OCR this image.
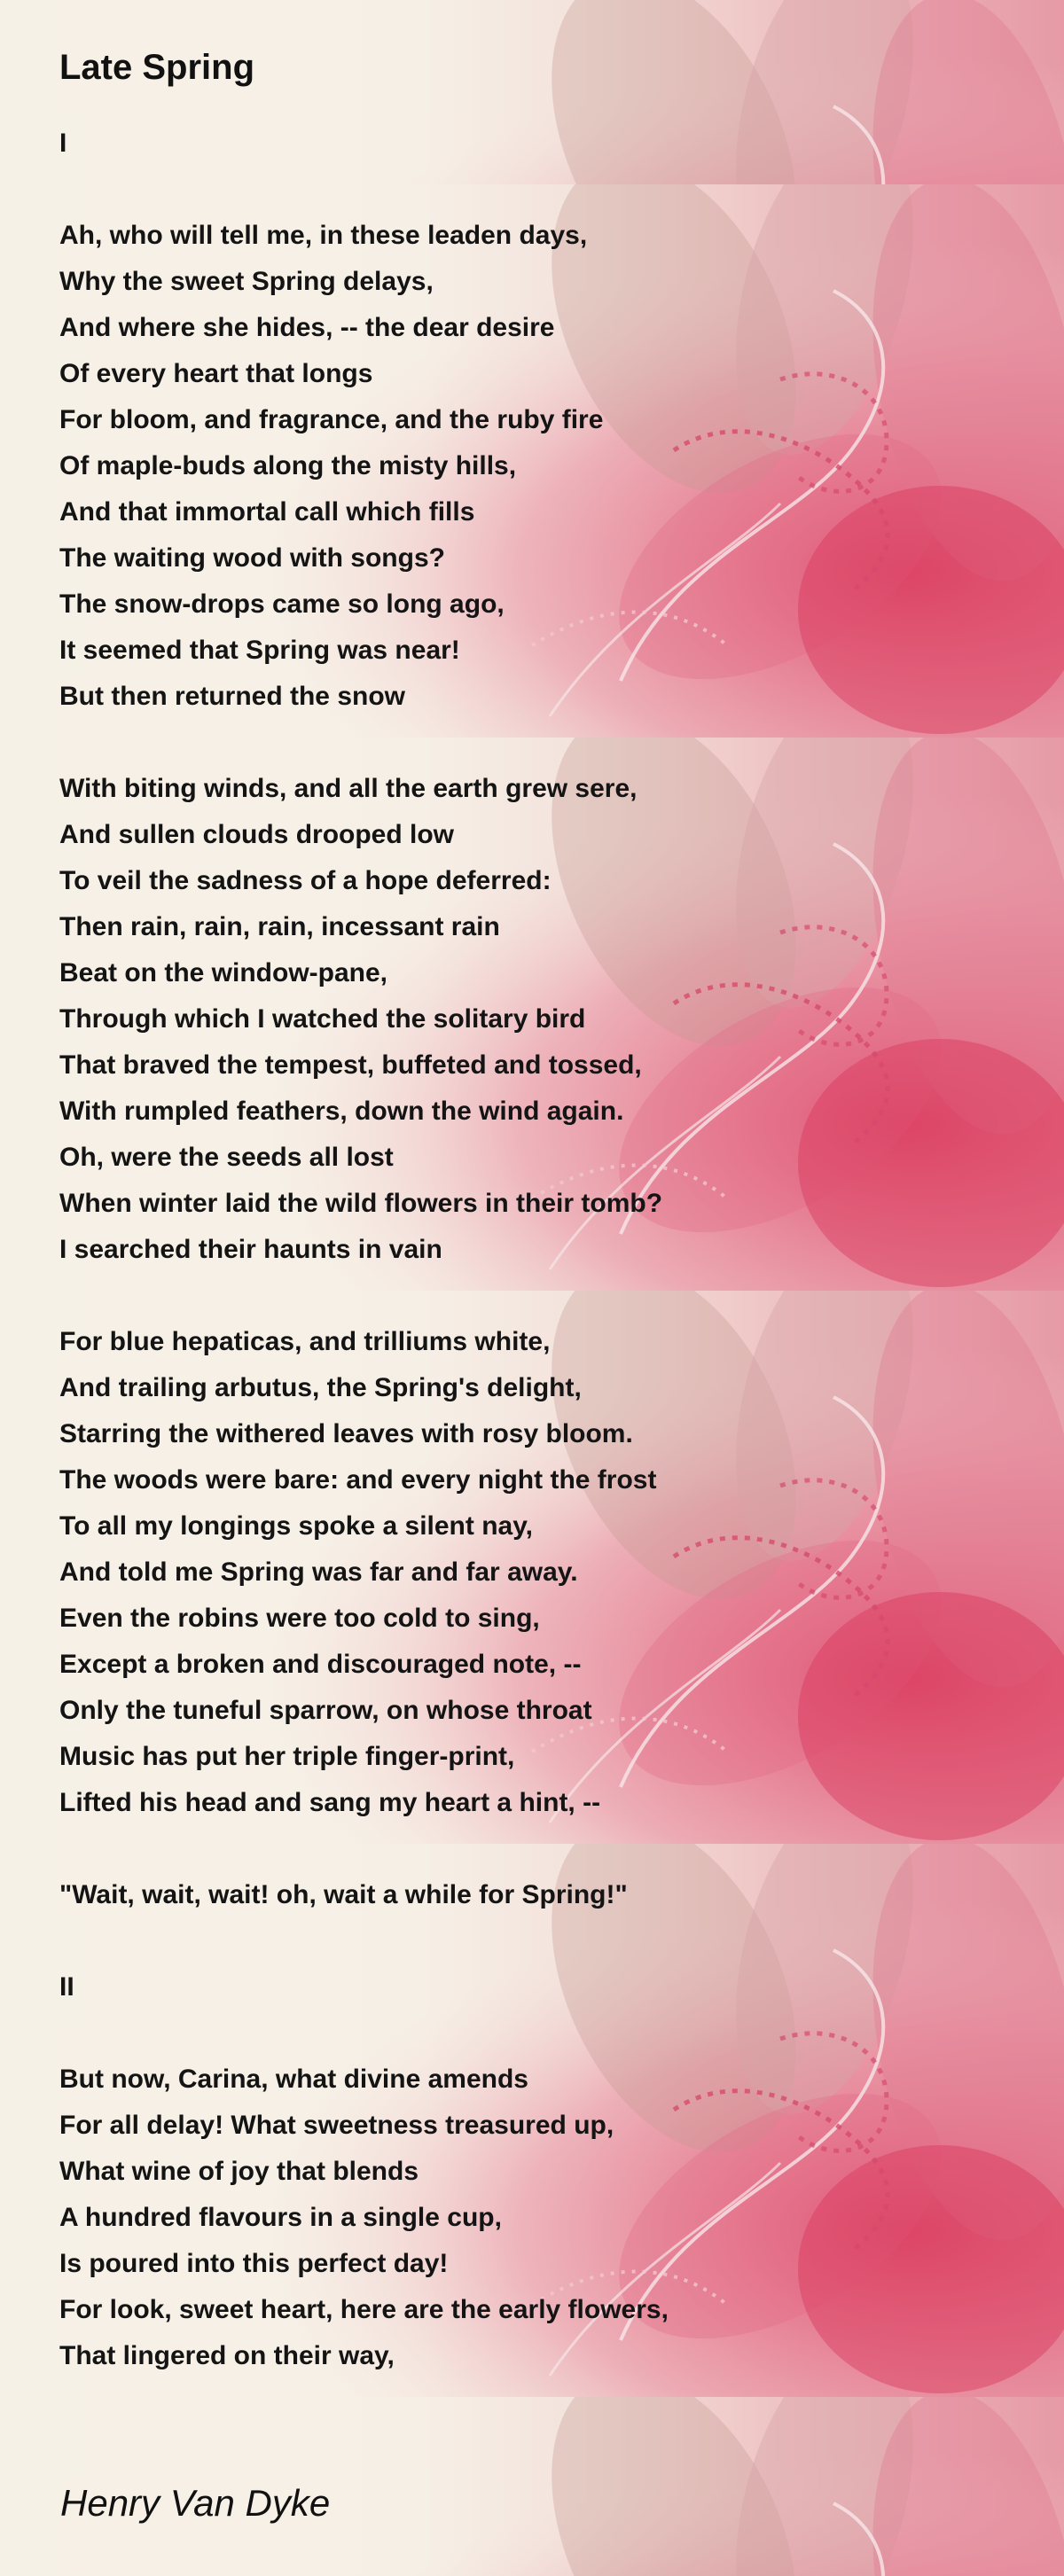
Late Spring
I
Ah, who will tell me, in these leaden days,
Why the sweet Spring delays,
And where she hides, -- the dear desire
Of every heart that longs
For bloom, and fragrance, and the ruby fire
Of maple-buds along the misty hills,
And that immortal call which fills
The waiting wood with songs?
The snow-drops came so long ago,
It seemed that Spring was near!
But then returned the snow
With biting winds, and all the earth grew sere,
And sullen clouds drooped low
To veil the sadness of a hope deferred:
Then rain, rain, rain, incessant rain
Beat on the window-pane,
Through which I watched the solitary bird
That braved the tempest, buffeted and tossed,
With rumpled feathers, down the wind again.
Oh, were the seeds all lost
When winter laid the wild flowers in their tomb?
I searched their haunts in vain
For blue hepaticas, and trilliums white,
And trailing arbutus, the Spring's delight,
Starring the withered leaves with rosy bloom.
The woods were bare: and every night the frost
To all my longings spoke a silent nay,
And told me Spring was far and far away.
Even the robins were too cold to sing,
Except a broken and discouraged note, --
Only the tuneful sparrow, on whose throat
Music has put her triple finger-print,
Lifted his head and sang my heart a hint, --
"Wait, wait, wait! oh, wait a while for Spring!"
II
But now, Carina, what divine amends
For all delay! What sweetness treasured up,
What wine of joy that blends
A hundred flavours in a single cup,
Is poured into this perfect day!
For look, sweet heart, here are the early flowers,
That lingered on their way,
Henry Van Dyke
